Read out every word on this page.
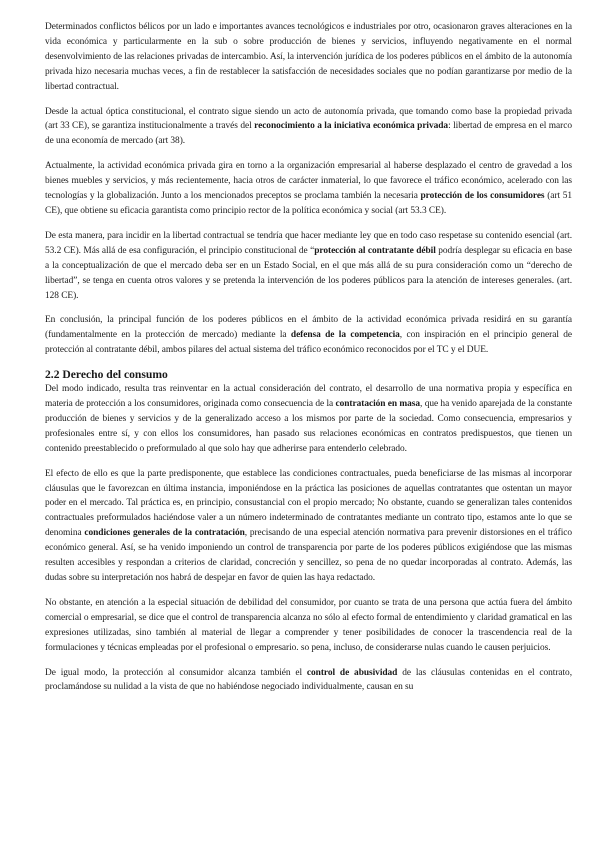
Determinados conflictos bélicos por un lado e importantes avances tecnológicos e industriales por otro, ocasionaron graves alteraciones en la vida económica y particularmente en la sub o sobre producción de bienes y servicios, influyendo negativamente en el normal desenvolvimiento de las relaciones privadas de intercambio. Así, la intervención jurídica de los poderes públicos en el ámbito de la autonomía privada hizo necesaria muchas veces, a fin de restablecer la satisfacción de necesidades sociales que no podían garantizarse por medio de la libertad contractual.

Desde la actual óptica constitucional, el contrato sigue siendo un acto de autonomía privada, que tomando como base la propiedad privada (art 33 CE), se garantiza institucionalmente a través del reconocimiento a la iniciativa económica privada: libertad de empresa en el marco de una economía de mercado (art 38).

Actualmente, la actividad económica privada gira en torno a la organización empresarial al haberse desplazado el centro de gravedad a los bienes muebles y servicios, y más recientemente, hacia otros de carácter inmaterial, lo que favorece el tráfico económico, acelerado con las tecnologías y la globalización. Junto a los mencionados preceptos se proclama también la necesaria protección de los consumidores (art 51 CE), que obtiene su eficacia garantista como principio rector de la política económica y social (art 53.3 CE).

De esta manera, para incidir en la libertad contractual se tendría que hacer mediante ley que en todo caso respetase su contenido esencial (art. 53.2 CE). Más allá de esa configuración, el principio constitucional de “protección al contratante débil podría desplegar su eficacia en base a la conceptualización de que el mercado deba ser en un Estado Social, en el que más allá de su pura consideración como un “derecho de libertad”, se tenga en cuenta otros valores y se pretenda la intervención de los poderes públicos para la atención de intereses generales. (art. 128 CE).

En conclusión, la principal función de los poderes públicos en el ámbito de la actividad económica privada residirá en su garantía (fundamentalmente en la protección de mercado) mediante la defensa de la competencia, con inspiración en el principio general de protección al contratante débil, ambos pilares del actual sistema del tráfico económico reconocidos por el TC y el DUE.

2.2 Derecho del consumo

Del modo indicado, resulta tras reinventar en la actual consideración del contrato, el desarrollo de una normativa propia y específica en materia de protección a los consumidores, originada como consecuencia de la contratación en masa, que ha venido aparejada de la constante producción de bienes y servicios y de la generalizado acceso a los mismos por parte de la sociedad. Como consecuencia, empresarios y profesionales entre sí, y con ellos los consumidores, han pasado sus relaciones económicas en contratos predispuestos, que tienen un contenido preestablecido o preformulado al que solo hay que adherirse para entenderlo celebrado.

El efecto de ello es que la parte predisponente, que establece las condiciones contractuales, pueda beneficiarse de las mismas al incorporar cláusulas que le favorezcan en última instancia, imponiéndose en la práctica las posiciones de aquellas contratantes que ostentan un mayor poder en el mercado. Tal práctica es, en principio, consustancial con el propio mercado; No obstante, cuando se generalizan tales contenidos contractuales preformulados haciéndose valer a un número indeterminado de contratantes mediante un contrato tipo, estamos ante lo que se denomina condiciones generales de la contratación, precisando de una especial atención normativa para prevenir distorsiones en el tráfico económico general. Así, se ha venido imponiendo un control de transparencia por parte de los poderes públicos exigiéndose que las mismas resulten accesibles y respondan a criterios de claridad, concreción y sencillez, so pena de no quedar incorporadas al contrato. Además, las dudas sobre su interpretación nos habrá de despejar en favor de quien las haya redactado.

No obstante, en atención a la especial situación de debilidad del consumidor, por cuanto se trata de una persona que actúa fuera del ámbito comercial o empresarial, se dice que el control de transparencia alcanza no sólo al efecto formal de entendimiento y claridad gramatical en las expresiones utilizadas, sino también al material de llegar a comprender y tener posibilidades de conocer la trascendencia real de la formulaciones y técnicas empleadas por el profesional o empresario. so pena, incluso, de considerarse nulas cuando le causen perjuicios.

De igual modo, la protección al consumidor alcanza también el control de abusividad de las cláusulas contenidas en el contrato, proclamándose su nulidad a la vista de que no habiéndose negociado individualmente, causan en su
